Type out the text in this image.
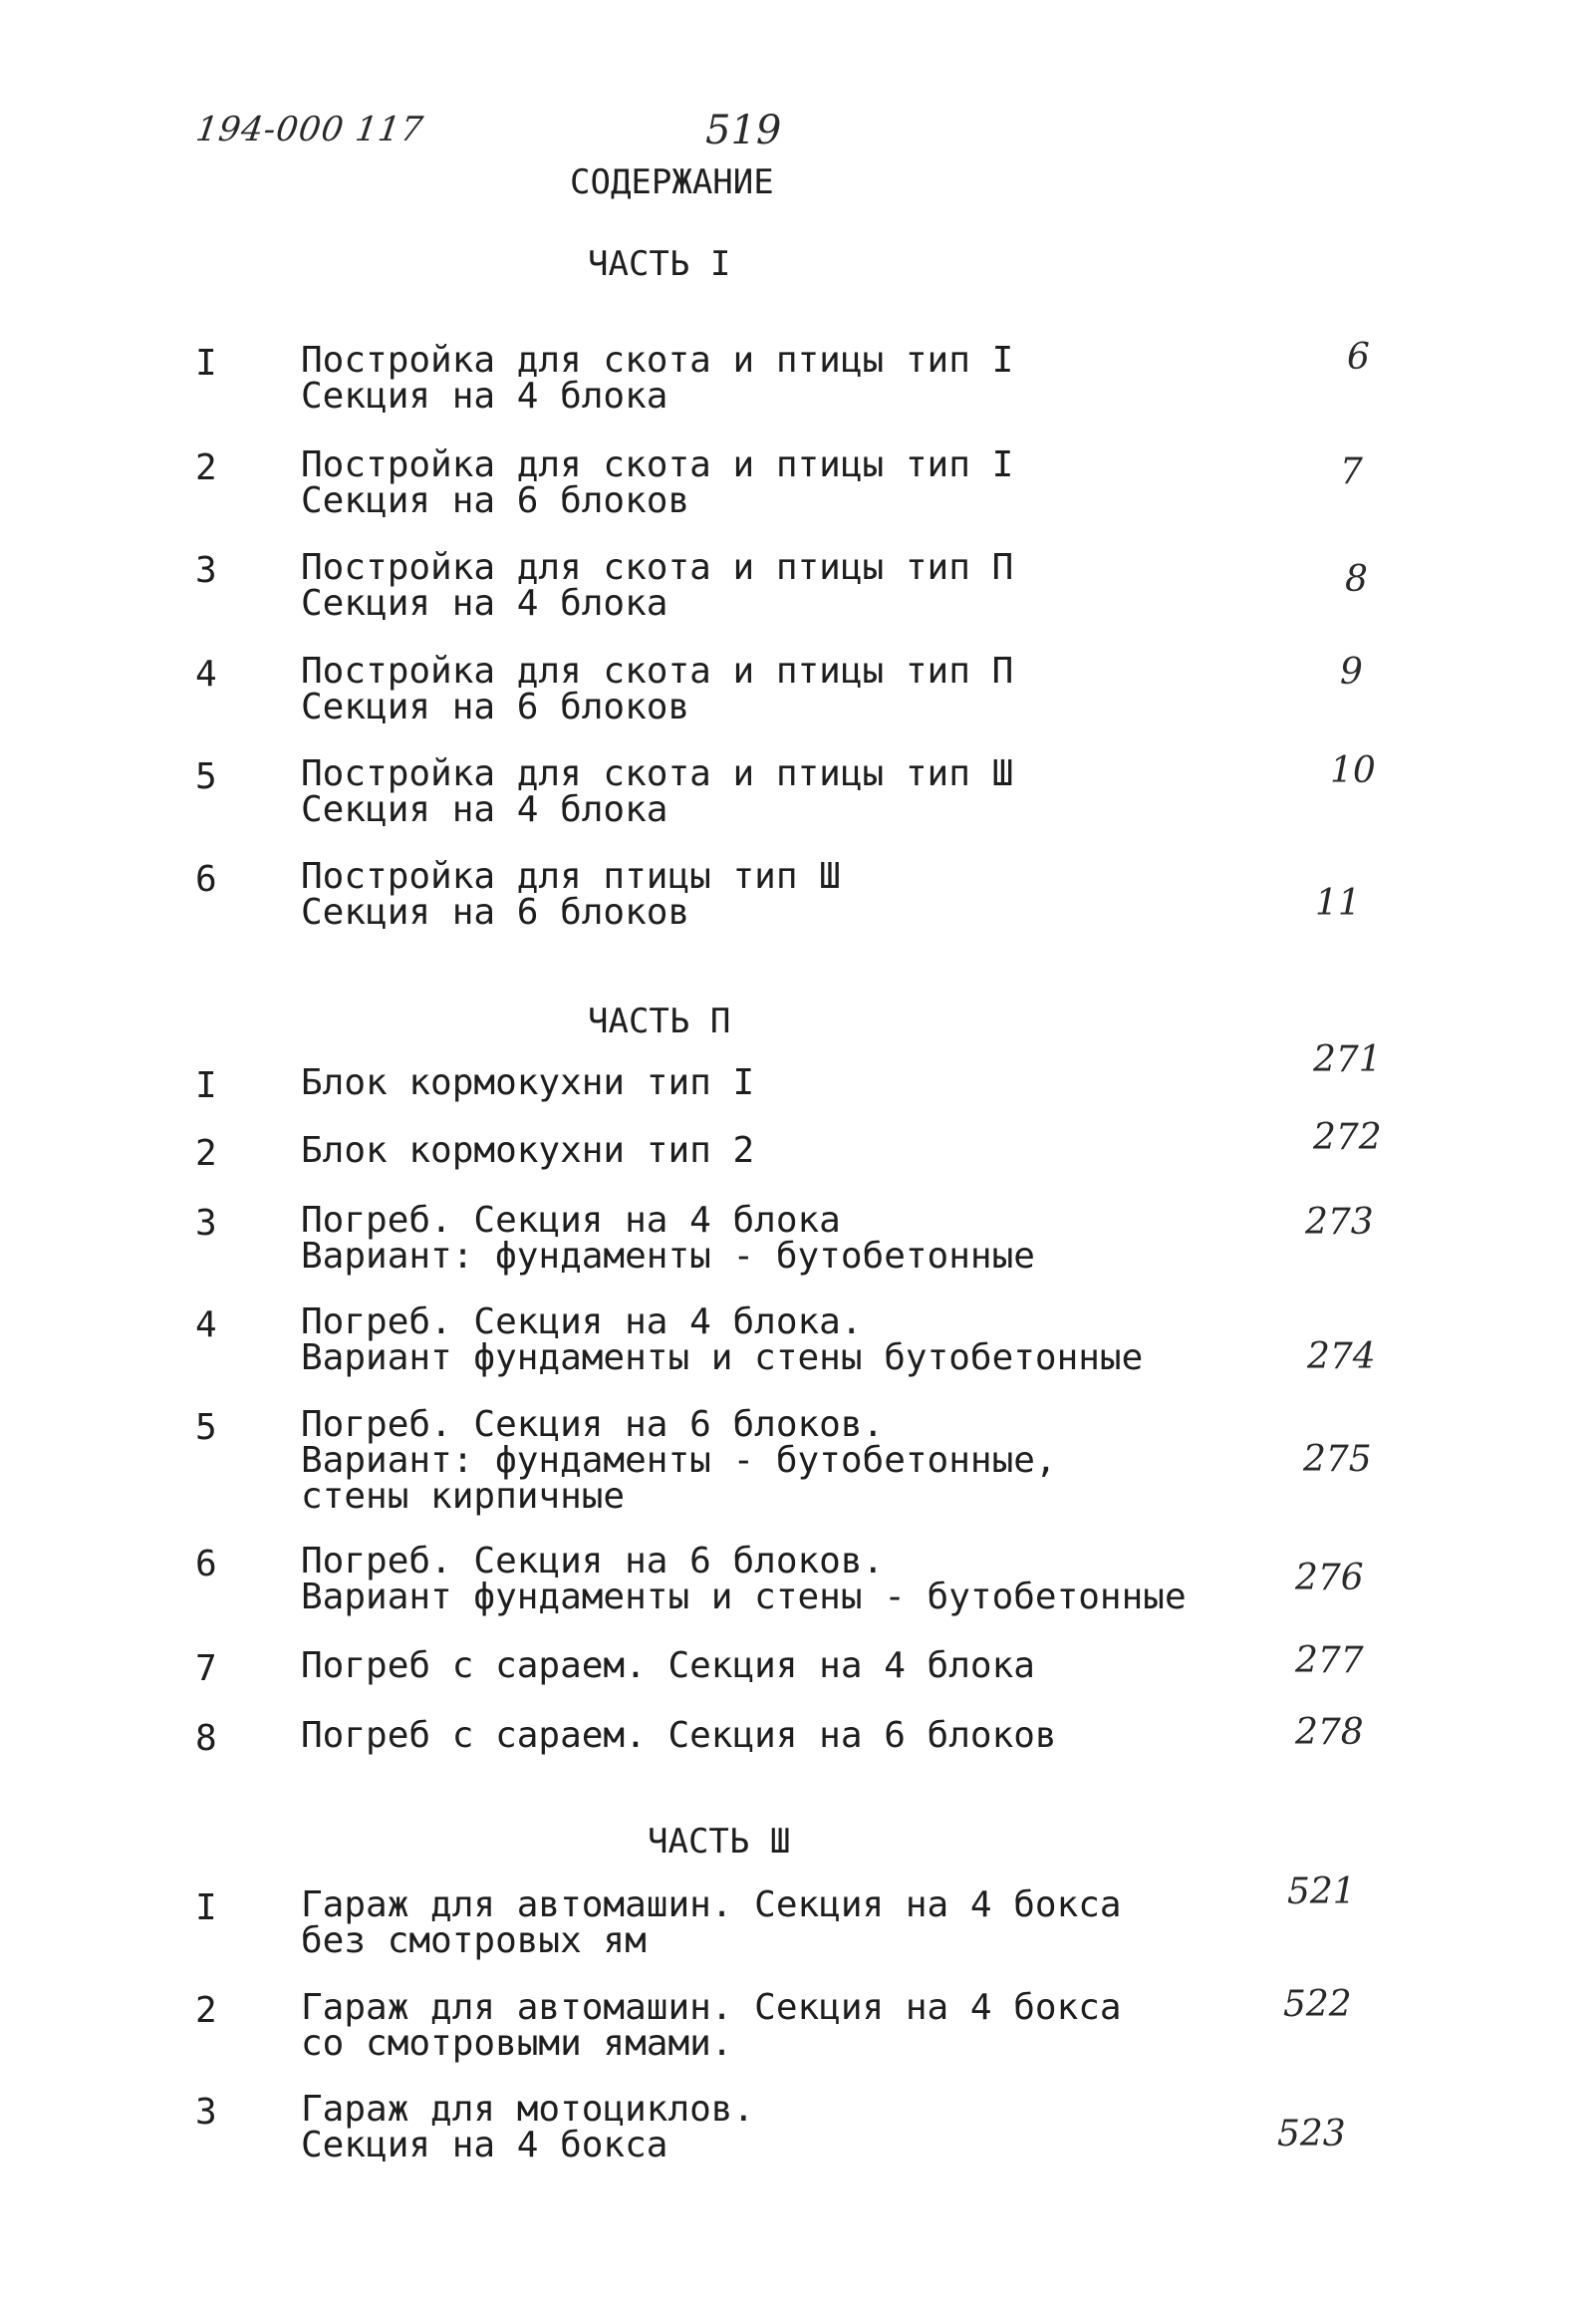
194-000 117	519
СОДЕРЖАНИЕ
ЧАСТЬ I
I Постройка для скота и птицы тип I
Секция на 4 блока
6
2 Постройка для скота и птицы тип I
Секция на 6 блоков
7
3 Постройка для скота и птицы тип П
Секция на 4 блока
8
4 Постройка для скота и птицы тип П
Секция на 6 блоков
9
5 Постройка для скота и птицы тип Ш
Секция на 4 блока
10
6 Постройка для птицы тип Ш
Секция на 6 блоков	11
ЧАСТЬ П
I Блок кормокухни тип I
271
2 Блок кормокухни тип 2	272
3 Погреб. Секция на 4 блока
Вариант: фундаменты - бутобетонные
273
4 Погреб. Секция на 4 блока.
Вариант фундаменты и стены бутобетонные	274
5 Погреб. Секция на 6 блоков.
Вариант: фундаменты - бутобетонные,
стены кирпичные
275
6 Погреб. Секция на 6 блоков.
Вариант фундаменты и стены - бутобетонные	276
7 Погреб с сараем. Секция на 4 блока	277
8 Погреб с сараем. Секция на 6 блоков	278
ЧАСТЬ Ш
I Гараж для автомашин. Секция на 4 бокса
без смотровых ям
521
2 Гараж для автомашин. Секция на 4 бокса
со смотровыми ямами.
522
3 Гараж для мотоциклов.
Секция на 4 бокса	523
